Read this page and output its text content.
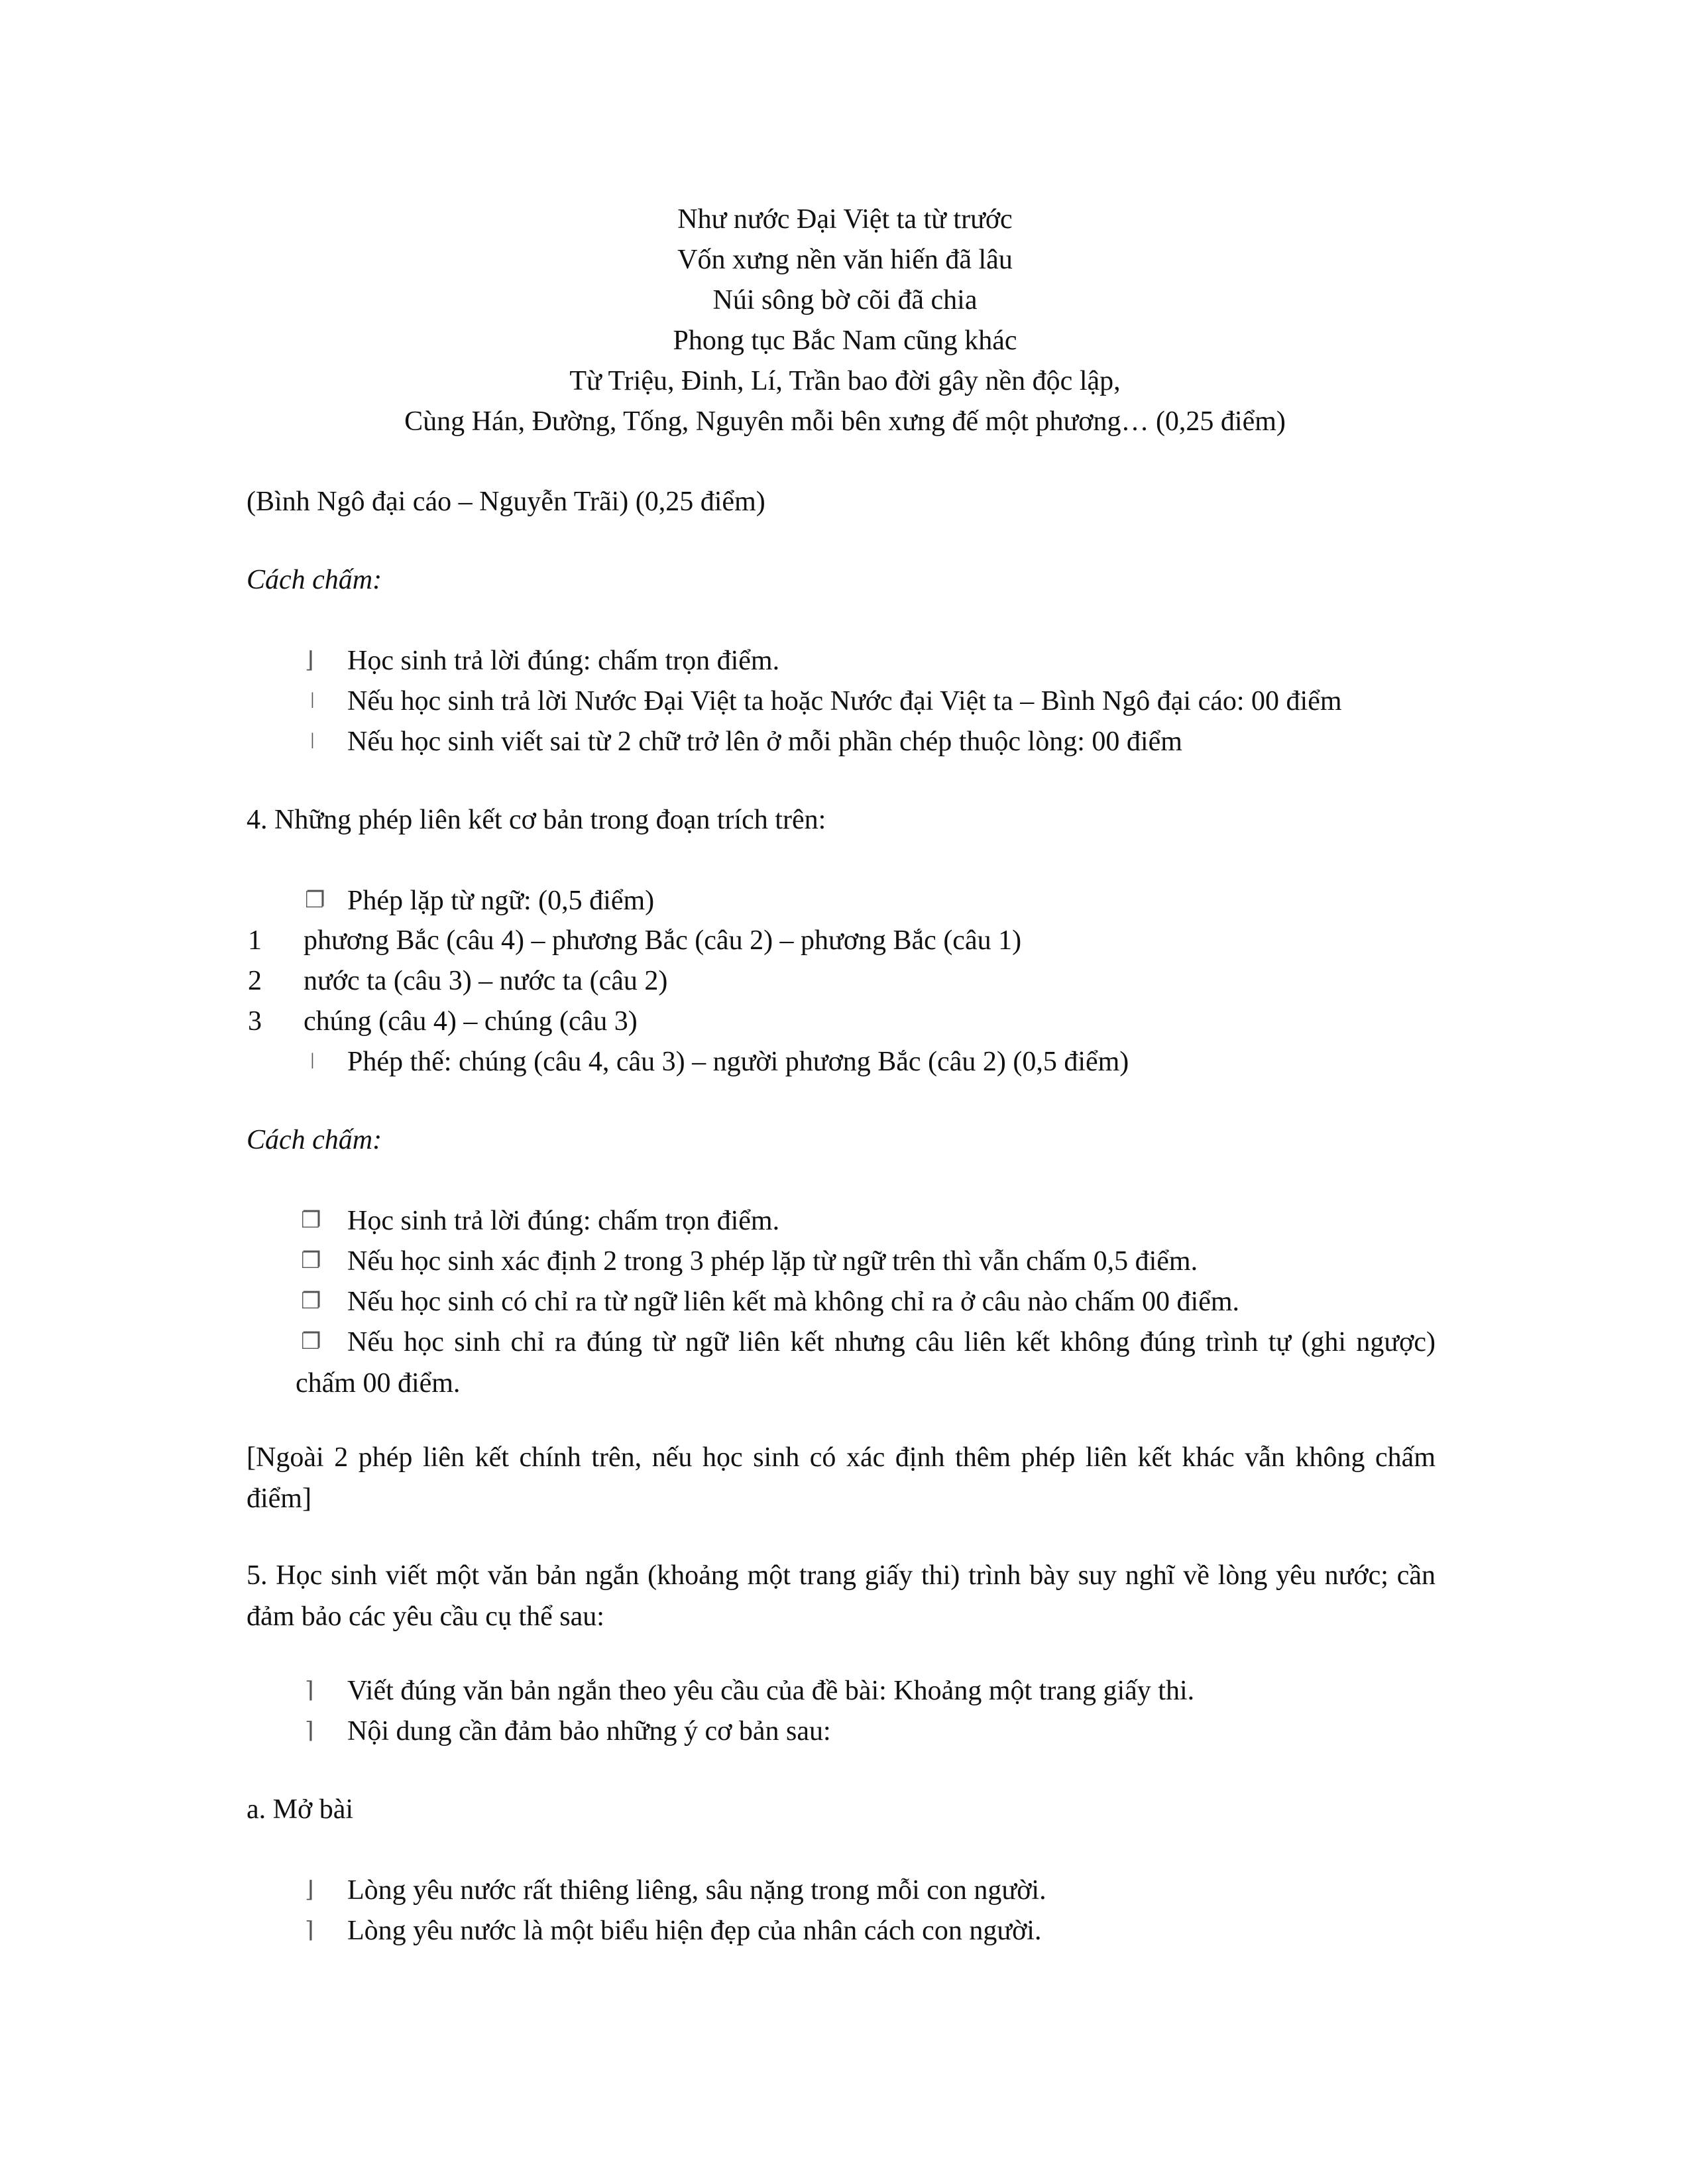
Như nước Đại Việt ta từ trước
Vốn xưng nền văn hiến đã lâu
Núi sông bờ cõi đã chia
Phong tục Bắc Nam cũng khác
Từ Triệu, Đinh, Lí, Trần bao đời gây nền độc lập,
Cùng Hán, Đường, Tống, Nguyên mỗi bên xưng đế một phương… (0,25 điểm)
(Bình Ngô đại cáo – Nguyễn Trãi) (0,25 điểm)
Cách chấm:
⌋ Học sinh trả lời đúng: chấm trọn điểm.
ǀ Nếu học sinh trả lời Nước Đại Việt ta hoặc Nước đại Việt ta – Bình Ngô đại cáo: 00 điểm
ǀ Nếu học sinh viết sai từ 2 chữ trở lên ở mỗi phần chép thuộc lòng: 00 điểm
4. Những phép liên kết cơ bản trong đoạn trích trên:
❐ Phép lặp từ ngữ: (0,5 điểm)
1 phương Bắc (câu 4) – phương Bắc (câu 2) – phương Bắc (câu 1)
2 nước ta (câu 3) – nước ta (câu 2)
3 chúng (câu 4) – chúng (câu 3)
ǀ Phép thế: chúng (câu 4, câu 3) – người phương Bắc (câu 2) (0,5 điểm)
Cách chấm:
❐ Học sinh trả lời đúng: chấm trọn điểm.
❐ Nếu học sinh xác định 2 trong 3 phép lặp từ ngữ trên thì vẫn chấm 0,5 điểm.
❐ Nếu học sinh có chỉ ra từ ngữ liên kết mà không chỉ ra ở câu nào chấm 00 điểm.
❐ Nếu học sinh chỉ ra đúng từ ngữ liên kết nhưng câu liên kết không đúng trình tự (ghi ngược) chấm 00 điểm.
[Ngoài 2 phép liên kết chính trên, nếu học sinh có xác định thêm phép liên kết khác vẫn không chấm điểm]
5. Học sinh viết một văn bản ngắn (khoảng một trang giấy thi) trình bày suy nghĩ về lòng yêu nước; cần đảm bảo các yêu cầu cụ thể sau:
⌉ Viết đúng văn bản ngắn theo yêu cầu của đề bài: Khoảng một trang giấy thi.
⌉ Nội dung cần đảm bảo những ý cơ bản sau:
a. Mở bài
⌋ Lòng yêu nước rất thiêng liêng, sâu nặng trong mỗi con người.
⌉ Lòng yêu nước là một biểu hiện đẹp của nhân cách con người.
